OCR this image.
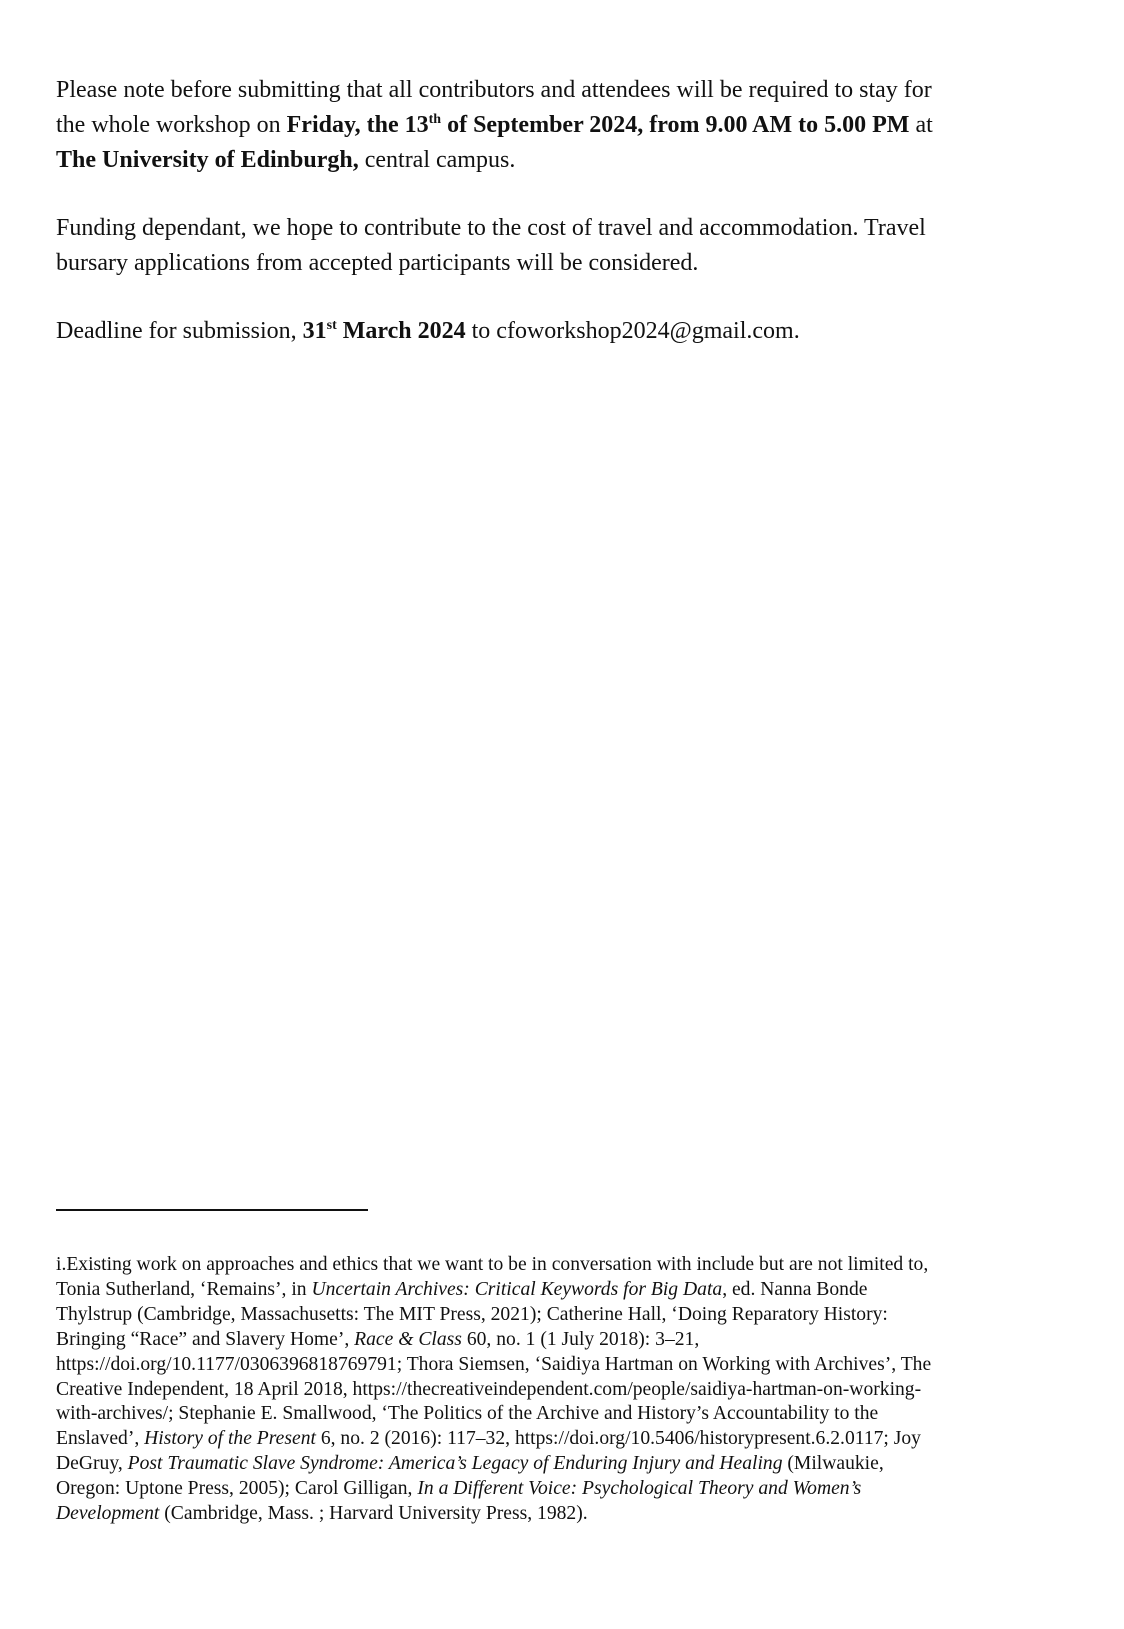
Please note before submitting that all contributors and attendees will be required to stay for
the whole workshop on Friday, the 13th of September 2024, from 9.00 AM to 5.00 PM at
The University of Edinburgh, central campus.
Funding dependant, we hope to contribute to the cost of travel and accommodation. Travel
bursary applications from accepted participants will be considered.
Deadline for submission, 31st March 2024 to cfoworkshop2024@gmail.com.
i.Existing work on approaches and ethics that we want to be in conversation with include but are not limited to,
Tonia Sutherland, ‘Remains’, in Uncertain Archives: Critical Keywords for Big Data, ed. Nanna Bonde
Thylstrup (Cambridge, Massachusetts: The MIT Press, 2021); Catherine Hall, ‘Doing Reparatory History:
Bringing “Race” and Slavery Home’, Race & Class 60, no. 1 (1 July 2018): 3–21,
https://doi.org/10.1177/0306396818769791; Thora Siemsen, ‘Saidiya Hartman on Working with Archives’, The
Creative Independent, 18 April 2018, https://thecreativeindependent.com/people/saidiya-hartman-on-working-
with-archives/; Stephanie E. Smallwood, ‘The Politics of the Archive and History’s Accountability to the
Enslaved’, History of the Present 6, no. 2 (2016): 117–32, https://doi.org/10.5406/historypresent.6.2.0117; Joy
DeGruy, Post Traumatic Slave Syndrome: America’s Legacy of Enduring Injury and Healing (Milwaukie,
Oregon: Uptone Press, 2005); Carol Gilligan, In a Different Voice: Psychological Theory and Women’s
Development (Cambridge, Mass. ; Harvard University Press, 1982).
